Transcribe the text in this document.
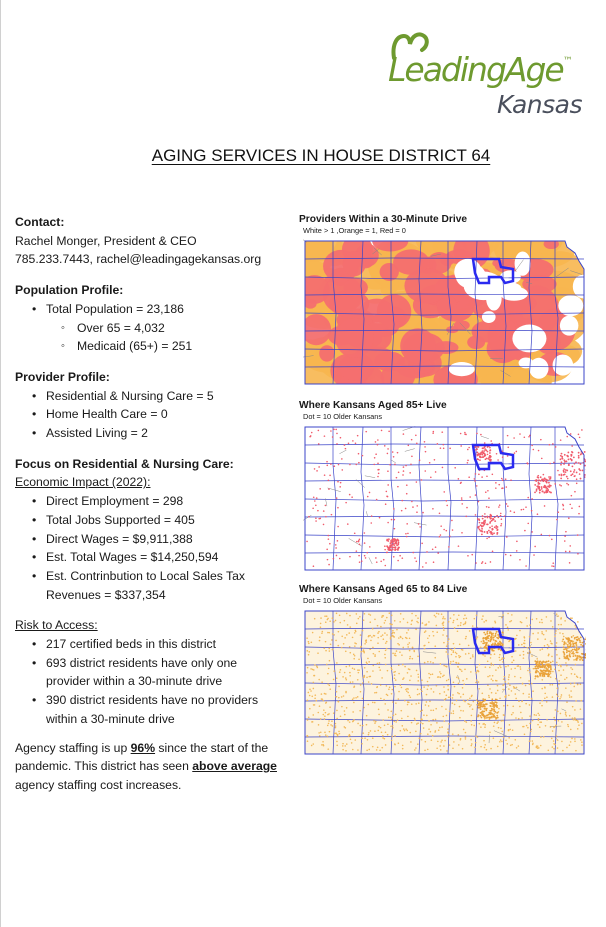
LeadingAge™
Kansas
AGING SERVICES IN HOUSE DISTRICT 64
Contact:
Rachel Monger, President & CEO
785.233.7443, rachel@leadingagekansas.org
Population Profile:
• Total Population = 23,186
◦ Over 65 = 4,032
◦ Medicaid (65+) = 251
Provider Profile:
• Residential & Nursing Care = 5
• Home Health Care = 0
• Assisted Living = 2
Focus on Residential & Nursing Care:
Economic Impact (2022):
• Direct Employment = 298
• Total Jobs Supported = 405
• Direct Wages = $9,911,388
• Est. Total Wages = $14,250,594
• Est. Contrinbution to Local Sales Tax Revenues = $337,354
Risk to Access:
• 217 certified beds in this district
• 693 district residents have only one provider within a 30-minute drive
• 390 district residents have no providers within a 30-minute drive
Agency staffing is up 96% since the start of the pandemic. This district has seen above average agency staffing cost increases.
Providers Within a 30-Minute Drive
White > 1 ,Orange = 1, Red = 0
Where Kansans Aged 85+ Live
Dot = 10 Older Kansans
Where Kansans Aged 65 to 84 Live
Dot = 10 Older Kansans
